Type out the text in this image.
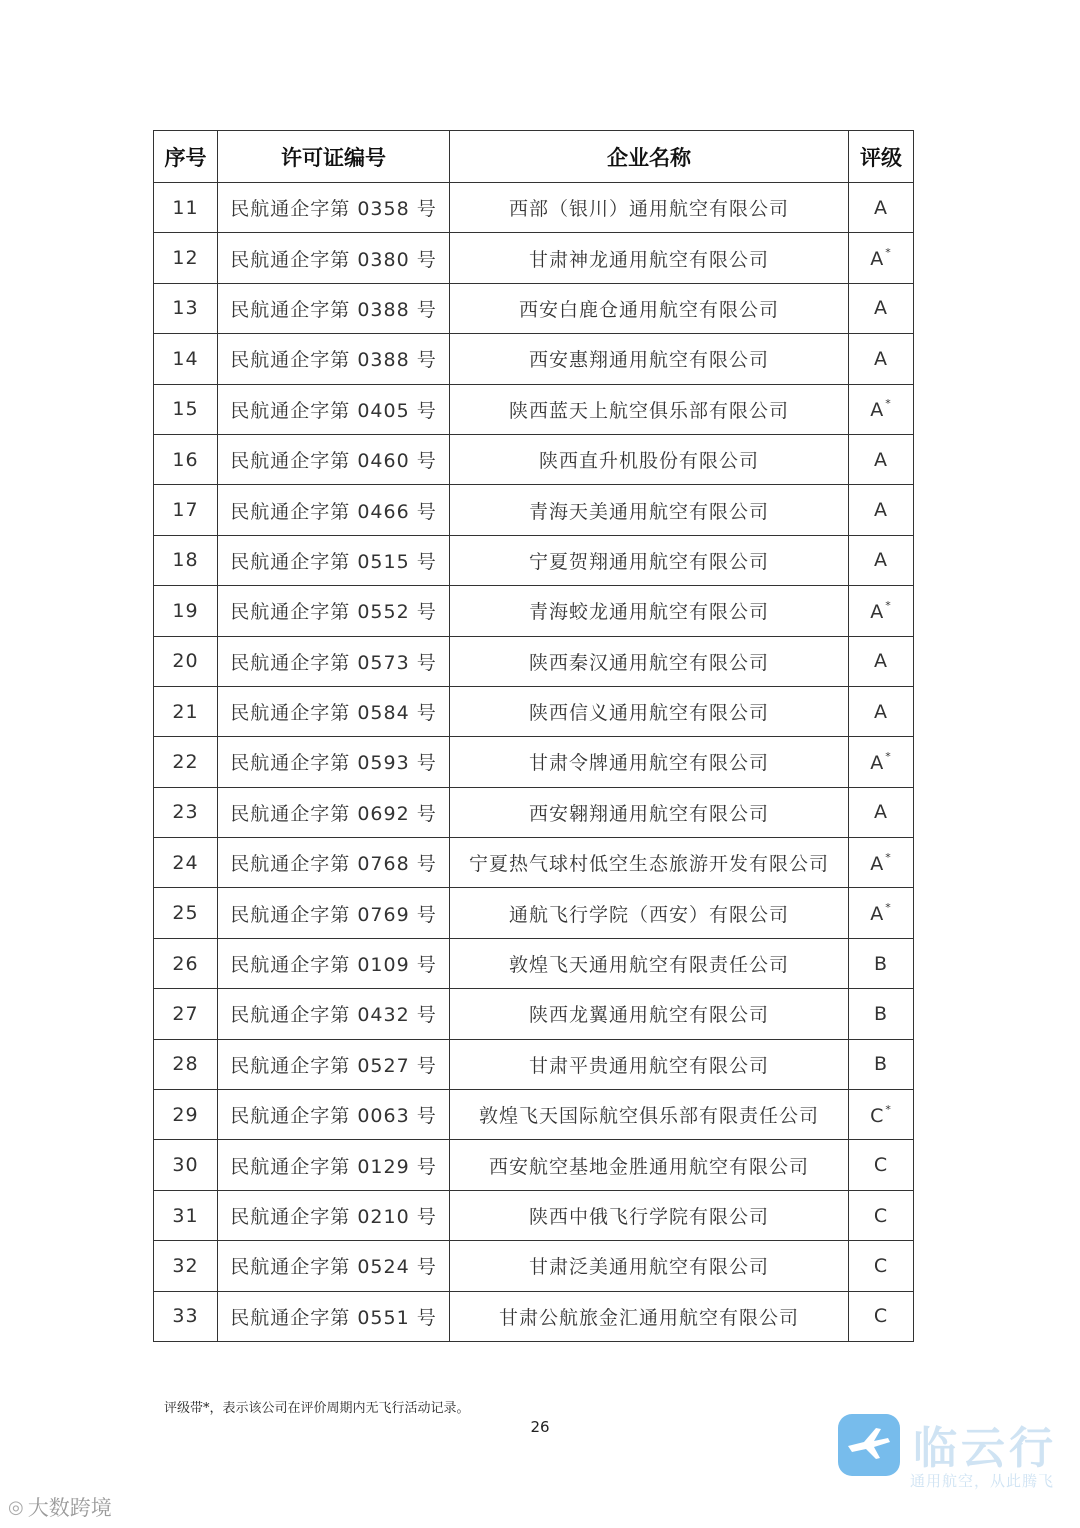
序号	许可证编号	企业名称	评级
11	民航通企字第 0358 号	西部（银川）通用航空有限公司	A
12	民航通企字第 0380 号	甘肃神龙通用航空有限公司	A*
13	民航通企字第 0388 号	西安白鹿仓通用航空有限公司	A
14	民航通企字第 0388 号	西安惠翔通用航空有限公司	A
15	民航通企字第 0405 号	陕西蓝天上航空俱乐部有限公司	A*
16	民航通企字第 0460 号	陕西直升机股份有限公司	A
17	民航通企字第 0466 号	青海天美通用航空有限公司	A
18	民航通企字第 0515 号	宁夏贺翔通用航空有限公司	A
19	民航通企字第 0552 号	青海蛟龙通用航空有限公司	A*
20	民航通企字第 0573 号	陕西秦汉通用航空有限公司	A
21	民航通企字第 0584 号	陕西信义通用航空有限公司	A
22	民航通企字第 0593 号	甘肃令牌通用航空有限公司	A*
23	民航通企字第 0692 号	西安翱翔通用航空有限公司	A
24	民航通企字第 0768 号	宁夏热气球村低空生态旅游开发有限公司	A*
25	民航通企字第 0769 号	通航飞行学院（西安）有限公司	A*
26	民航通企字第 0109 号	敦煌飞天通用航空有限责任公司	B
27	民航通企字第 0432 号	陕西龙翼通用航空有限公司	B
28	民航通企字第 0527 号	甘肃平贵通用航空有限公司	B
29	民航通企字第 0063 号	敦煌飞天国际航空俱乐部有限责任公司	C*
30	民航通企字第 0129 号	西安航空基地金胜通用航空有限公司	C
31	民航通企字第 0210 号	陕西中俄飞行学院有限公司	C
32	民航通企字第 0524 号	甘肃泛美通用航空有限公司	C
33	民航通企字第 0551 号	甘肃公航旅金汇通用航空有限公司	C
评级带*，表示该公司在评价周期内无飞行活动记录。
26
◎ 大数跨境
临云行
通用航空，从此腾飞
